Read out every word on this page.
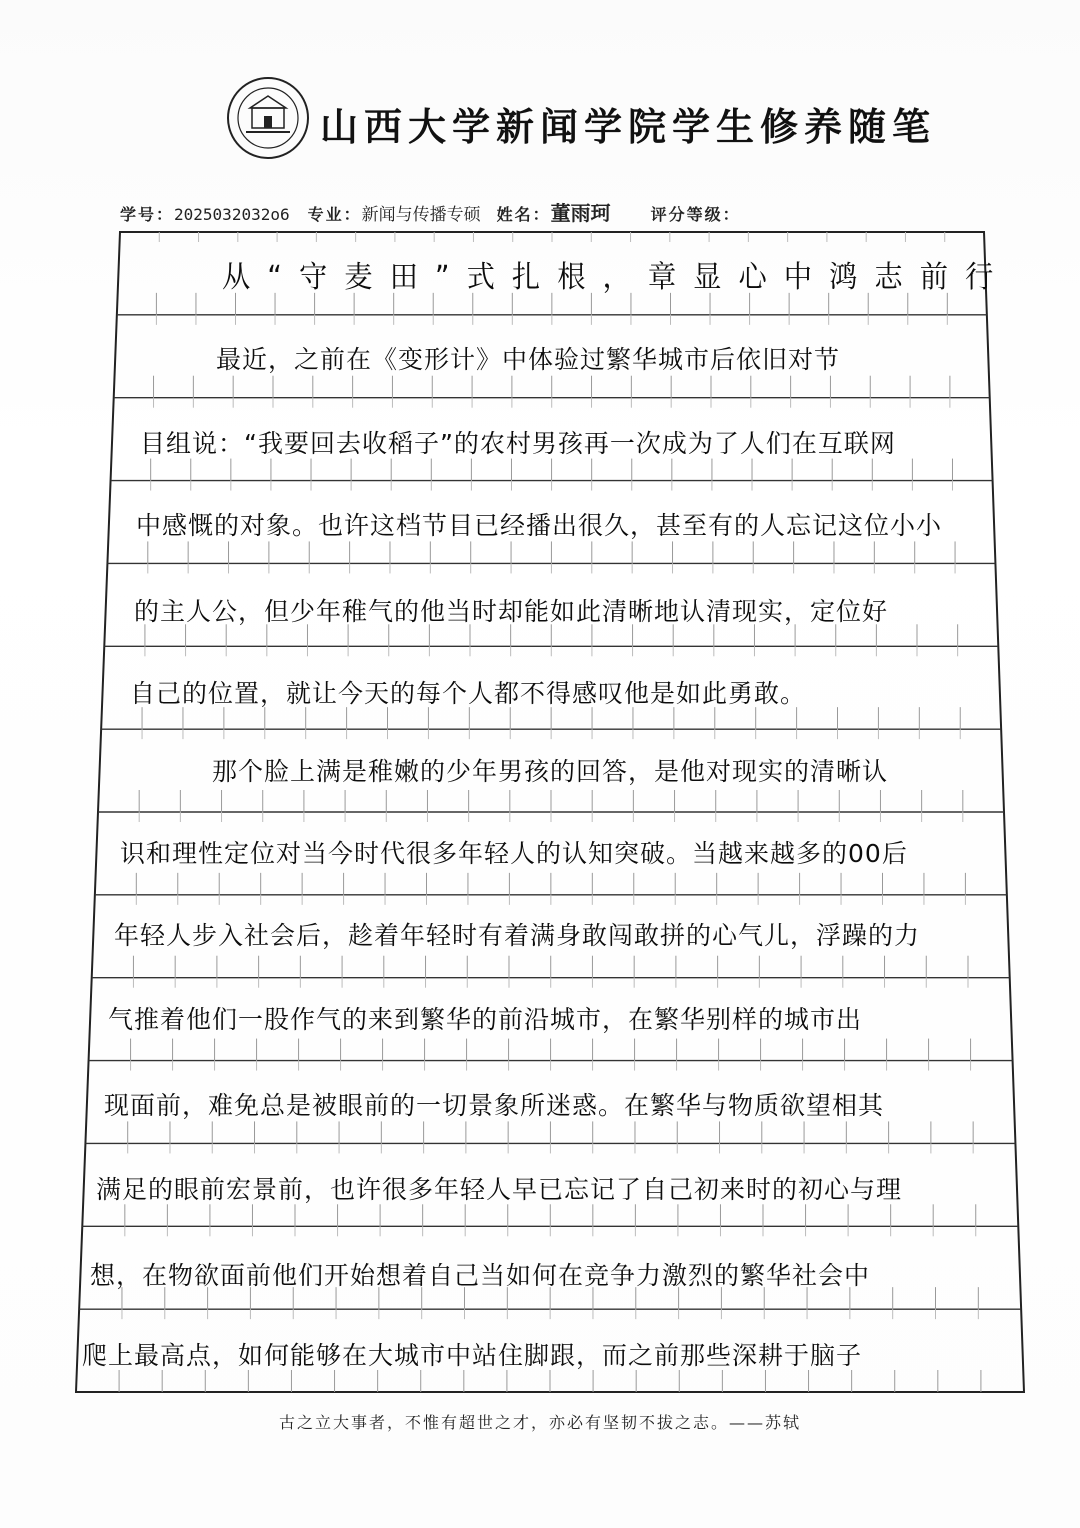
山西大学新闻学院学生修养随笔
学号：2025032032o6 专业：新闻与传播专硕 姓名：董雨珂	评分等级：
从“守麦田”式扎根，章显心中鸿志前行
最近，之前在《变形计》中体验过繁华城市后依旧对节
目组说：“我要回去收稻子”的农村男孩再一次成为了人们在互联网
中感慨的对象。也许这档节目已经播出很久，甚至有的人忘记这位小小
的主人公，但少年稚气的他当时却能如此清晰地认清现实，定位好
自己的位置，就让今天的每个人都不得感叹他是如此勇敢。
那个脸上满是稚嫩的少年男孩的回答，是他对现实的清晰认
识和理性定位对当今时代很多年轻人的认知突破。当越来越多的00后
年轻人步入社会后，趁着年轻时有着满身敢闯敢拼的心气儿，浮躁的力
气推着他们一股作气的来到繁华的前沿城市，在繁华别样的城市出
现面前，难免总是被眼前的一切景象所迷惑。在繁华与物质欲望相其
满足的眼前宏景前，也许很多年轻人早已忘记了自己初来时的初心与理
想，在物欲面前他们开始想着自己当如何在竞争力激烈的繁华社会中
爬上最高点，如何能够在大城市中站住脚跟，而之前那些深耕于脑子
古之立大事者，不惟有超世之才，亦必有坚韧不拔之志。——苏轼
